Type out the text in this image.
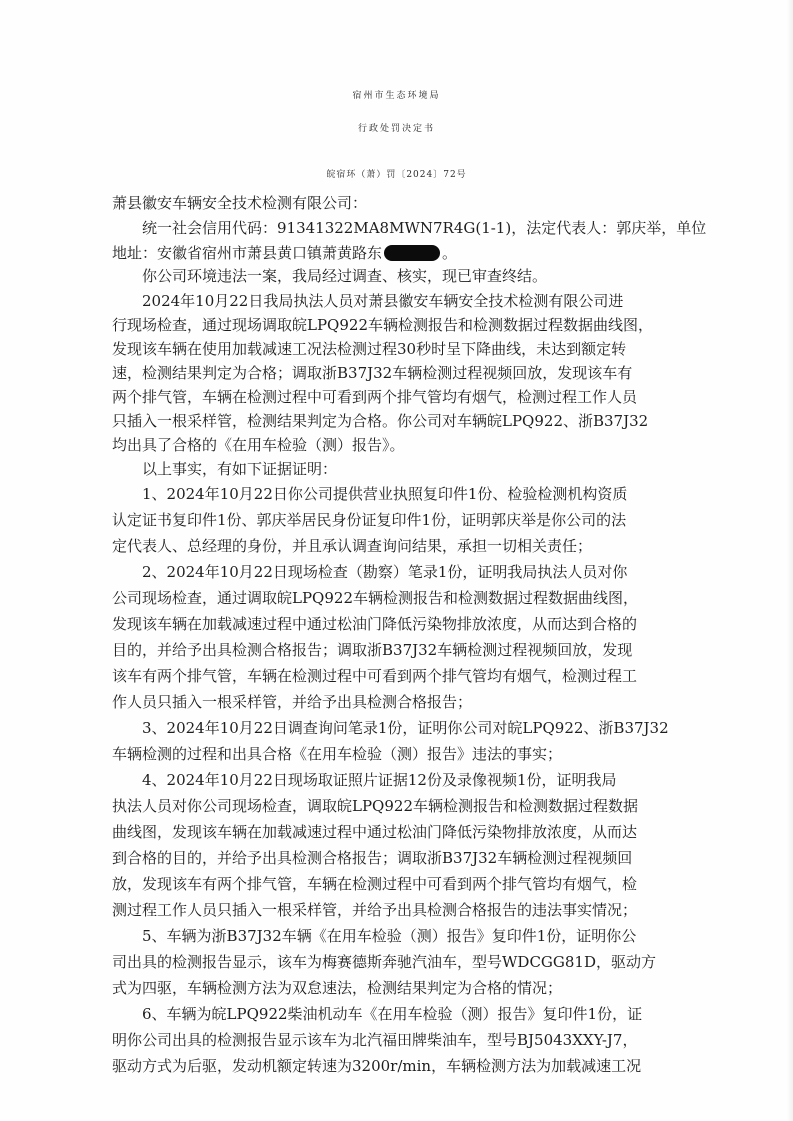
宿州市生态环境局
行政处罚决定书
皖宿环（萧）罚〔2024〕72号
萧县徽安车辆安全技术检测有限公司：
统一社会信用代码：91341322MA8MWN7R4G(1-1)，法定代表人：郭庆举，单位
地址：安徽省宿州市萧县黄口镇萧黄路东	。
你公司环境违法一案，我局经过调查、核实，现已审查终结。
2024年10月22日我局执法人员对萧县徽安车辆安全技术检测有限公司进
行现场检查，通过现场调取皖LPQ922车辆检测报告和检测数据过程数据曲线图，
发现该车辆在使用加载减速工况法检测过程30秒时呈下降曲线，未达到额定转
速，检测结果判定为合格；调取浙B37J32车辆检测过程视频回放，发现该车有
两个排气管，车辆在检测过程中可看到两个排气管均有烟气，检测过程工作人员
只插入一根采样管，检测结果判定为合格。你公司对车辆皖LPQ922、浙B37J32
均出具了合格的《在用车检验（测）报告》。
以上事实，有如下证据证明：
1、2024年10月22日你公司提供营业执照复印件1份、检验检测机构资质
认定证书复印件1份、郭庆举居民身份证复印件1份，证明郭庆举是你公司的法
定代表人、总经理的身份，并且承认调查询问结果，承担一切相关责任；
2、2024年10月22日现场检查（勘察）笔录1份，证明我局执法人员对你
公司现场检查，通过调取皖LPQ922车辆检测报告和检测数据过程数据曲线图，
发现该车辆在加载减速过程中通过松油门降低污染物排放浓度，从而达到合格的
目的，并给予出具检测合格报告；调取浙B37J32车辆检测过程视频回放，发现
该车有两个排气管，车辆在检测过程中可看到两个排气管均有烟气，检测过程工
作人员只插入一根采样管，并给予出具检测合格报告；
3、2024年10月22日调查询问笔录1份，证明你公司对皖LPQ922、浙B37J32
车辆检测的过程和出具合格《在用车检验（测）报告》违法的事实；
4、2024年10月22日现场取证照片证据12份及录像视频1份，证明我局
执法人员对你公司现场检查，调取皖LPQ922车辆检测报告和检测数据过程数据
曲线图，发现该车辆在加载减速过程中通过松油门降低污染物排放浓度，从而达
到合格的目的，并给予出具检测合格报告；调取浙B37J32车辆检测过程视频回
放，发现该车有两个排气管，车辆在检测过程中可看到两个排气管均有烟气，检
测过程工作人员只插入一根采样管，并给予出具检测合格报告的违法事实情况；
5、车辆为浙B37J32车辆《在用车检验（测）报告》复印件1份，证明你公
司出具的检测报告显示，该车为梅赛德斯奔驰汽油车，型号WDCGG81D，驱动方
式为四驱，车辆检测方法为双怠速法，检测结果判定为合格的情况；
6、车辆为皖LPQ922柴油机动车《在用车检验（测）报告》复印件1份，证
明你公司出具的检测报告显示该车为北汽福田牌柴油车，型号BJ5043XXY-J7，
驱动方式为后驱，发动机额定转速为3200r/min，车辆检测方法为加载减速工况
